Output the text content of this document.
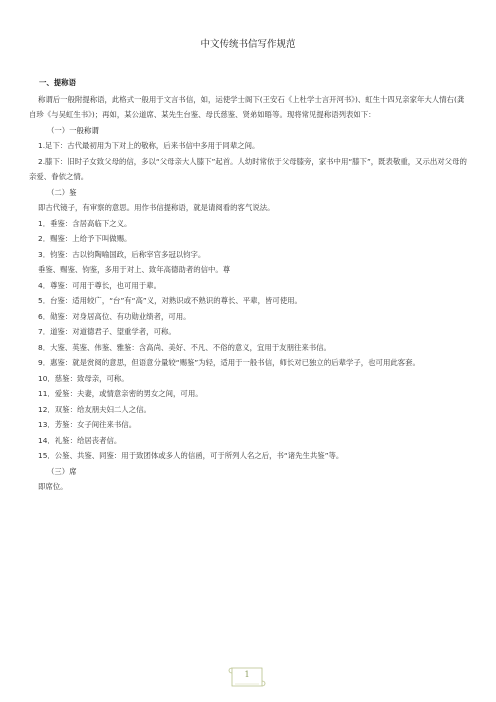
中文传统书信写作规范

一、提称语

称谓后一般附提称语，此格式一般用于文言书信，如，运使学士阁下(王安石《上杜学士言开河书》)、虹生十四兄亲家年大人情右(龚自珍《与吴虹生书》)；再如，某公道席、某先生台鉴、母氏慈鉴、贤弟如晤等。现将常见提称语列表如下：

（一）一般称谓

1.足下：古代最初用为下对上的敬称，后来书信中多用于同辈之间。

2.膝下：旧时子女致父母的信，多以“父母亲大人膝下”起首。人幼时常依于父母膝旁，家书中用“膝下”，既表敬重，又示出对父母的亲爱、眷依之情。

（二）鉴

即古代镜子，有审察的意思。用作书信提称语，就是请阅看的客气说法。

1．垂鉴：含居高临下之义。

2．赐鉴：上给予下叫做赐。

3．钧鉴：古以钧陶喻国政，后称宰官多冠以钧字。

垂鉴、赐鉴、钧鉴，多用于对上、致年高德劭者的信中。尊

4．尊鉴：可用于尊长，也可用于辈。

5．台鉴：适用较广，“台”有“高”义，对熟识或不熟识的尊长、平辈，皆可使用。

6．勋鉴：对身居高位、有功勋业绩者，可用。

7．道鉴：对道德君子、望重学者，可称。

8．大鉴、英鉴、伟鉴、雅鉴：含高尚、美好、不凡、不俗的意义，宜用于友朋往来书信。

9．惠鉴：就是赏阅的意思，但语意分量较“赐鉴”为轻，适用于一般书信，师长对已独立的后辈学子，也可用此客套。

10．慈鉴：致母亲，可称。

11．爱鉴：夫妻，或情意亲密的男女之间，可用。

12．双鉴：给友朋夫妇二人之信。

13．芳鉴：女子间往来书信。

14．礼鉴：给居丧者信。

15．公鉴、共鉴、同鉴：用于致团体或多人的信函，可于所列人名之后，书“诸先生共鉴”等。

（三）席

即席位。

1
